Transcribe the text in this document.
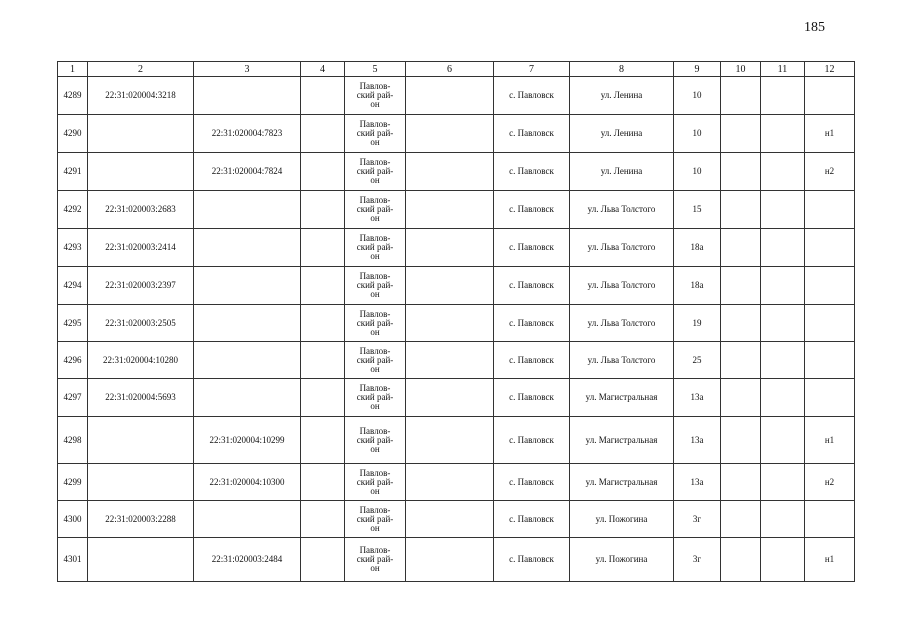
185
1	2	3	4	5	6	7	8	9	10	11	12
4289	22:31:020004:3218			Павлов-
ский рай-
он		с. Павловск	ул. Ленина	10			
4290		22:31:020004:7823		Павлов-
ский рай-
он		с. Павловск	ул. Ленина	10			н1
4291		22:31:020004:7824		Павлов-
ский рай-
он		с. Павловск	ул. Ленина	10			н2
4292	22:31:020003:2683			Павлов-
ский рай-
он		с. Павловск	ул. Льва Толстого	15			
4293	22:31:020003:2414			Павлов-
ский рай-
он		с. Павловск	ул. Льва Толстого	18а			
4294	22:31:020003:2397			Павлов-
ский рай-
он		с. Павловск	ул. Льва Толстого	18а			
4295	22:31:020003:2505			Павлов-
ский рай-
он		с. Павловск	ул. Льва Толстого	19			
4296	22:31:020004:10280			Павлов-
ский рай-
он		с. Павловск	ул. Льва Толстого	25			
4297	22:31:020004:5693			Павлов-
ский рай-
он		с. Павловск	ул. Магистральная	13а			
4298		22:31:020004:10299		Павлов-
ский рай-
он		с. Павловск	ул. Магистральная	13а			н1
4299		22:31:020004:10300		Павлов-
ский рай-
он		с. Павловск	ул. Магистральная	13а			н2
4300	22:31:020003:2288			Павлов-
ский рай-
он		с. Павловск	ул. Пожогина	3г			
4301		22:31:020003:2484		Павлов-
ский рай-
он		с. Павловск	ул. Пожогина	3г			н1
